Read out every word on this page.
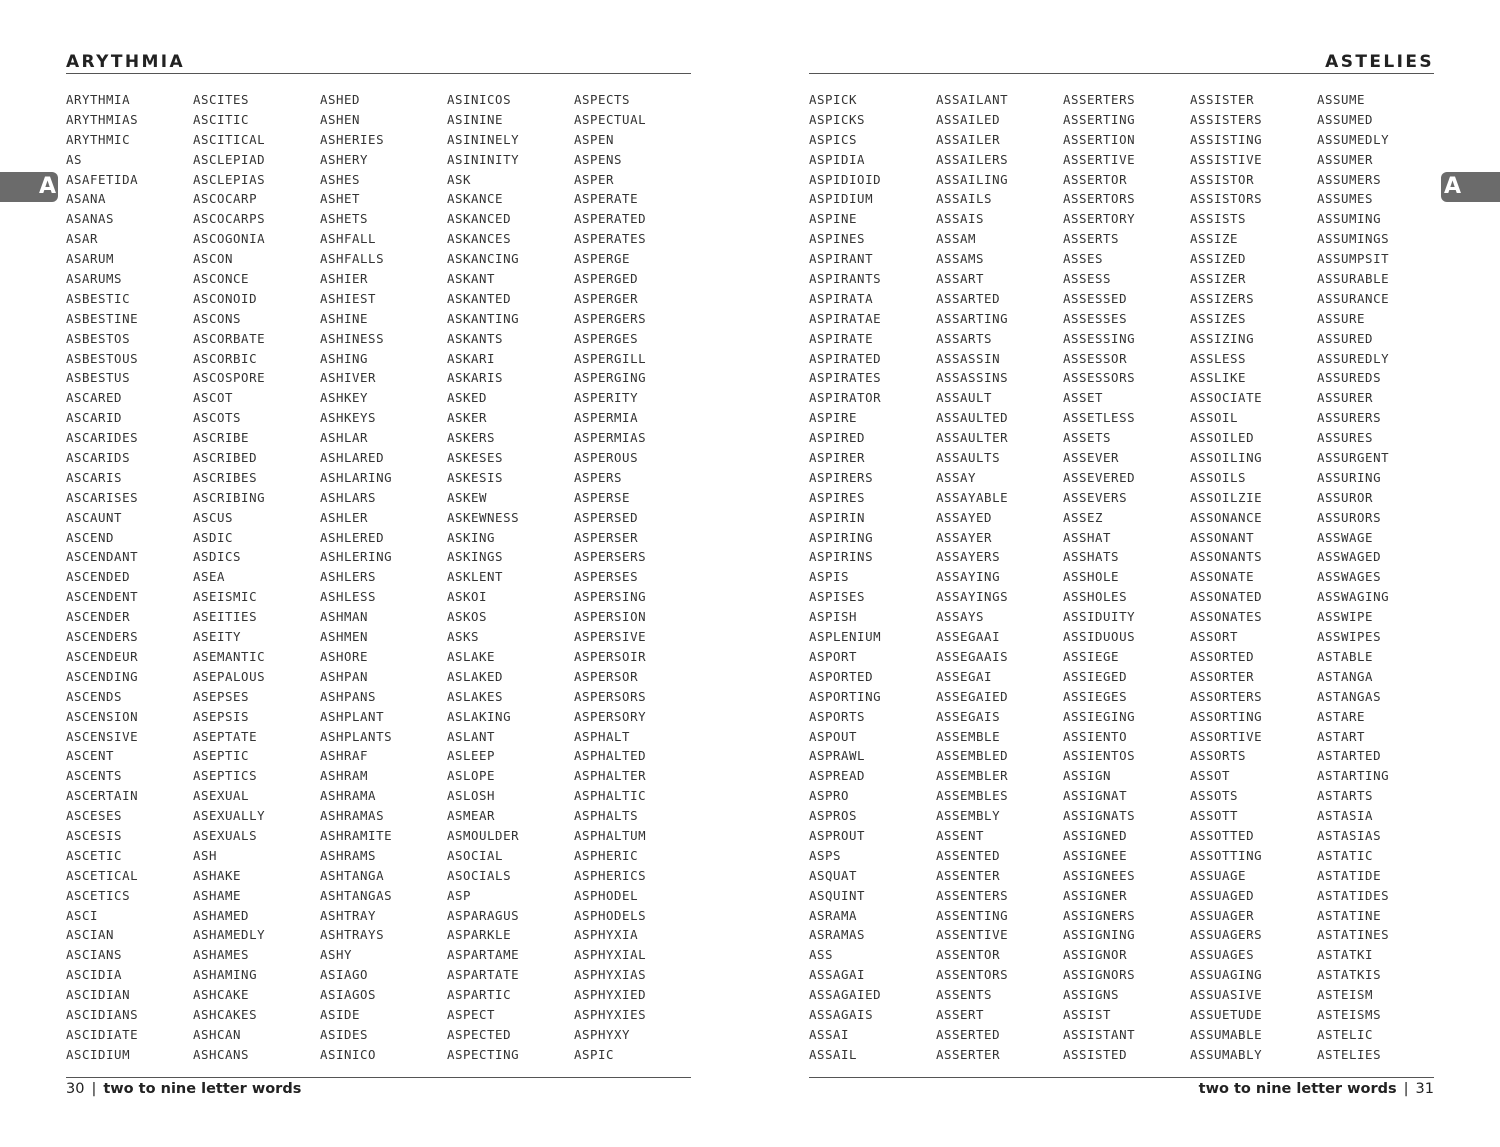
ARYTHMIA
A
ARYTHMIA
ARYTHMIAS
ARYTHMIC
AS
ASAFETIDA
ASANA
ASANAS
ASAR
ASARUM
ASARUMS
ASBESTIC
ASBESTINE
ASBESTOS
ASBESTOUS
ASBESTUS
ASCARED
ASCARID
ASCARIDES
ASCARIDS
ASCARIS
ASCARISES
ASCAUNT
ASCEND
ASCENDANT
ASCENDED
ASCENDENT
ASCENDER
ASCENDERS
ASCENDEUR
ASCENDING
ASCENDS
ASCENSION
ASCENSIVE
ASCENT
ASCENTS
ASCERTAIN
ASCESES
ASCESIS
ASCETIC
ASCETICAL
ASCETICS
ASCI
ASCIAN
ASCIANS
ASCIDIA
ASCIDIAN
ASCIDIANS
ASCIDIATE
ASCIDIUM
ASCITES
ASCITIC
ASCITICAL
ASCLEPIAD
ASCLEPIAS
ASCOCARP
ASCOCARPS
ASCOGONIA
ASCON
ASCONCE
ASCONOID
ASCONS
ASCORBATE
ASCORBIC
ASCOSPORE
ASCOT
ASCOTS
ASCRIBE
ASCRIBED
ASCRIBES
ASCRIBING
ASCUS
ASDIC
ASDICS
ASEA
ASEISMIC
ASEITIES
ASEITY
ASEMANTIC
ASEPALOUS
ASEPSES
ASEPSIS
ASEPTATE
ASEPTIC
ASEPTICS
ASEXUAL
ASEXUALLY
ASEXUALS
ASH
ASHAKE
ASHAME
ASHAMED
ASHAMEDLY
ASHAMES
ASHAMING
ASHCAKE
ASHCAKES
ASHCAN
ASHCANS
ASHED
ASHEN
ASHERIES
ASHERY
ASHES
ASHET
ASHETS
ASHFALL
ASHFALLS
ASHIER
ASHIEST
ASHINE
ASHINESS
ASHING
ASHIVER
ASHKEY
ASHKEYS
ASHLAR
ASHLARED
ASHLARING
ASHLARS
ASHLER
ASHLERED
ASHLERING
ASHLERS
ASHLESS
ASHMAN
ASHMEN
ASHORE
ASHPAN
ASHPANS
ASHPLANT
ASHPLANTS
ASHRAF
ASHRAM
ASHRAMA
ASHRAMAS
ASHRAMITE
ASHRAMS
ASHTANGA
ASHTANGAS
ASHTRAY
ASHTRAYS
ASHY
ASIAGO
ASIAGOS
ASIDE
ASIDES
ASINICO
ASINICOS
ASININE
ASININELY
ASININITY
ASK
ASKANCE
ASKANCED
ASKANCES
ASKANCING
ASKANT
ASKANTED
ASKANTING
ASKANTS
ASKARI
ASKARIS
ASKED
ASKER
ASKERS
ASKESES
ASKESIS
ASKEW
ASKEWNESS
ASKING
ASKINGS
ASKLENT
ASKOI
ASKOS
ASKS
ASLAKE
ASLAKED
ASLAKES
ASLAKING
ASLANT
ASLEEP
ASLOPE
ASLOSH
ASMEAR
ASMOULDER
ASOCIAL
ASOCIALS
ASP
ASPARAGUS
ASPARKLE
ASPARTAME
ASPARTATE
ASPARTIC
ASPECT
ASPECTED
ASPECTING
ASPECTS
ASPECTUAL
ASPEN
ASPENS
ASPER
ASPERATE
ASPERATED
ASPERATES
ASPERGE
ASPERGED
ASPERGER
ASPERGERS
ASPERGES
ASPERGILL
ASPERGING
ASPERITY
ASPERMIA
ASPERMIAS
ASPEROUS
ASPERS
ASPERSE
ASPERSED
ASPERSER
ASPERSERS
ASPERSES
ASPERSING
ASPERSION
ASPERSIVE
ASPERSOIR
ASPERSOR
ASPERSORS
ASPERSORY
ASPHALT
ASPHALTED
ASPHALTER
ASPHALTIC
ASPHALTS
ASPHALTUM
ASPHERIC
ASPHERICS
ASPHODEL
ASPHODELS
ASPHYXIA
ASPHYXIAL
ASPHYXIAS
ASPHYXIED
ASPHYXIES
ASPHYXY
ASPIC
30 | two to nine letter words
ASTELIES
A
ASPICK
ASPICKS
ASPICS
ASPIDIA
ASPIDIOID
ASPIDIUM
ASPINE
ASPINES
ASPIRANT
ASPIRANTS
ASPIRATA
ASPIRATAE
ASPIRATE
ASPIRATED
ASPIRATES
ASPIRATOR
ASPIRE
ASPIRED
ASPIRER
ASPIRERS
ASPIRES
ASPIRIN
ASPIRING
ASPIRINS
ASPIS
ASPISES
ASPISH
ASPLENIUM
ASPORT
ASPORTED
ASPORTING
ASPORTS
ASPOUT
ASPRAWL
ASPREAD
ASPRO
ASPROS
ASPROUT
ASPS
ASQUAT
ASQUINT
ASRAMA
ASRAMAS
ASS
ASSAGAI
ASSAGAIED
ASSAGAIS
ASSAI
ASSAIL
ASSAILANT
ASSAILED
ASSAILER
ASSAILERS
ASSAILING
ASSAILS
ASSAIS
ASSAM
ASSAMS
ASSART
ASSARTED
ASSARTING
ASSARTS
ASSASSIN
ASSASSINS
ASSAULT
ASSAULTED
ASSAULTER
ASSAULTS
ASSAY
ASSAYABLE
ASSAYED
ASSAYER
ASSAYERS
ASSAYING
ASSAYINGS
ASSAYS
ASSEGAAI
ASSEGAAIS
ASSEGAI
ASSEGAIED
ASSEGAIS
ASSEMBLE
ASSEMBLED
ASSEMBLER
ASSEMBLES
ASSEMBLY
ASSENT
ASSENTED
ASSENTER
ASSENTERS
ASSENTING
ASSENTIVE
ASSENTOR
ASSENTORS
ASSENTS
ASSERT
ASSERTED
ASSERTER
ASSERTERS
ASSERTING
ASSERTION
ASSERTIVE
ASSERTOR
ASSERTORS
ASSERTORY
ASSERTS
ASSES
ASSESS
ASSESSED
ASSESSES
ASSESSING
ASSESSOR
ASSESSORS
ASSET
ASSETLESS
ASSETS
ASSEVER
ASSEVERED
ASSEVERS
ASSEZ
ASSHAT
ASSHATS
ASSHOLE
ASSHOLES
ASSIDUITY
ASSIDUOUS
ASSIEGE
ASSIEGED
ASSIEGES
ASSIEGING
ASSIENTO
ASSIENTOS
ASSIGN
ASSIGNAT
ASSIGNATS
ASSIGNED
ASSIGNEE
ASSIGNEES
ASSIGNER
ASSIGNERS
ASSIGNING
ASSIGNOR
ASSIGNORS
ASSIGNS
ASSIST
ASSISTANT
ASSISTED
ASSISTER
ASSISTERS
ASSISTING
ASSISTIVE
ASSISTOR
ASSISTORS
ASSISTS
ASSIZE
ASSIZED
ASSIZER
ASSIZERS
ASSIZES
ASSIZING
ASSLESS
ASSLIKE
ASSOCIATE
ASSOIL
ASSOILED
ASSOILING
ASSOILS
ASSOILZIE
ASSONANCE
ASSONANT
ASSONANTS
ASSONATE
ASSONATED
ASSONATES
ASSORT
ASSORTED
ASSORTER
ASSORTERS
ASSORTING
ASSORTIVE
ASSORTS
ASSOT
ASSOTS
ASSOTT
ASSOTTED
ASSOTTING
ASSUAGE
ASSUAGED
ASSUAGER
ASSUAGERS
ASSUAGES
ASSUAGING
ASSUASIVE
ASSUETUDE
ASSUMABLE
ASSUMABLY
ASSUME
ASSUMED
ASSUMEDLY
ASSUMER
ASSUMERS
ASSUMES
ASSUMING
ASSUMINGS
ASSUMPSIT
ASSURABLE
ASSURANCE
ASSURE
ASSURED
ASSUREDLY
ASSUREDS
ASSURER
ASSURERS
ASSURES
ASSURGENT
ASSURING
ASSUROR
ASSURORS
ASSWAGE
ASSWAGED
ASSWAGES
ASSWAGING
ASSWIPE
ASSWIPES
ASTABLE
ASTANGA
ASTANGAS
ASTARE
ASTART
ASTARTED
ASTARTING
ASTARTS
ASTASIA
ASTASIAS
ASTATIC
ASTATIDE
ASTATIDES
ASTATINE
ASTATINES
ASTATKI
ASTATKIS
ASTEISM
ASTEISMS
ASTELIC
ASTELIES
two to nine letter words | 31
